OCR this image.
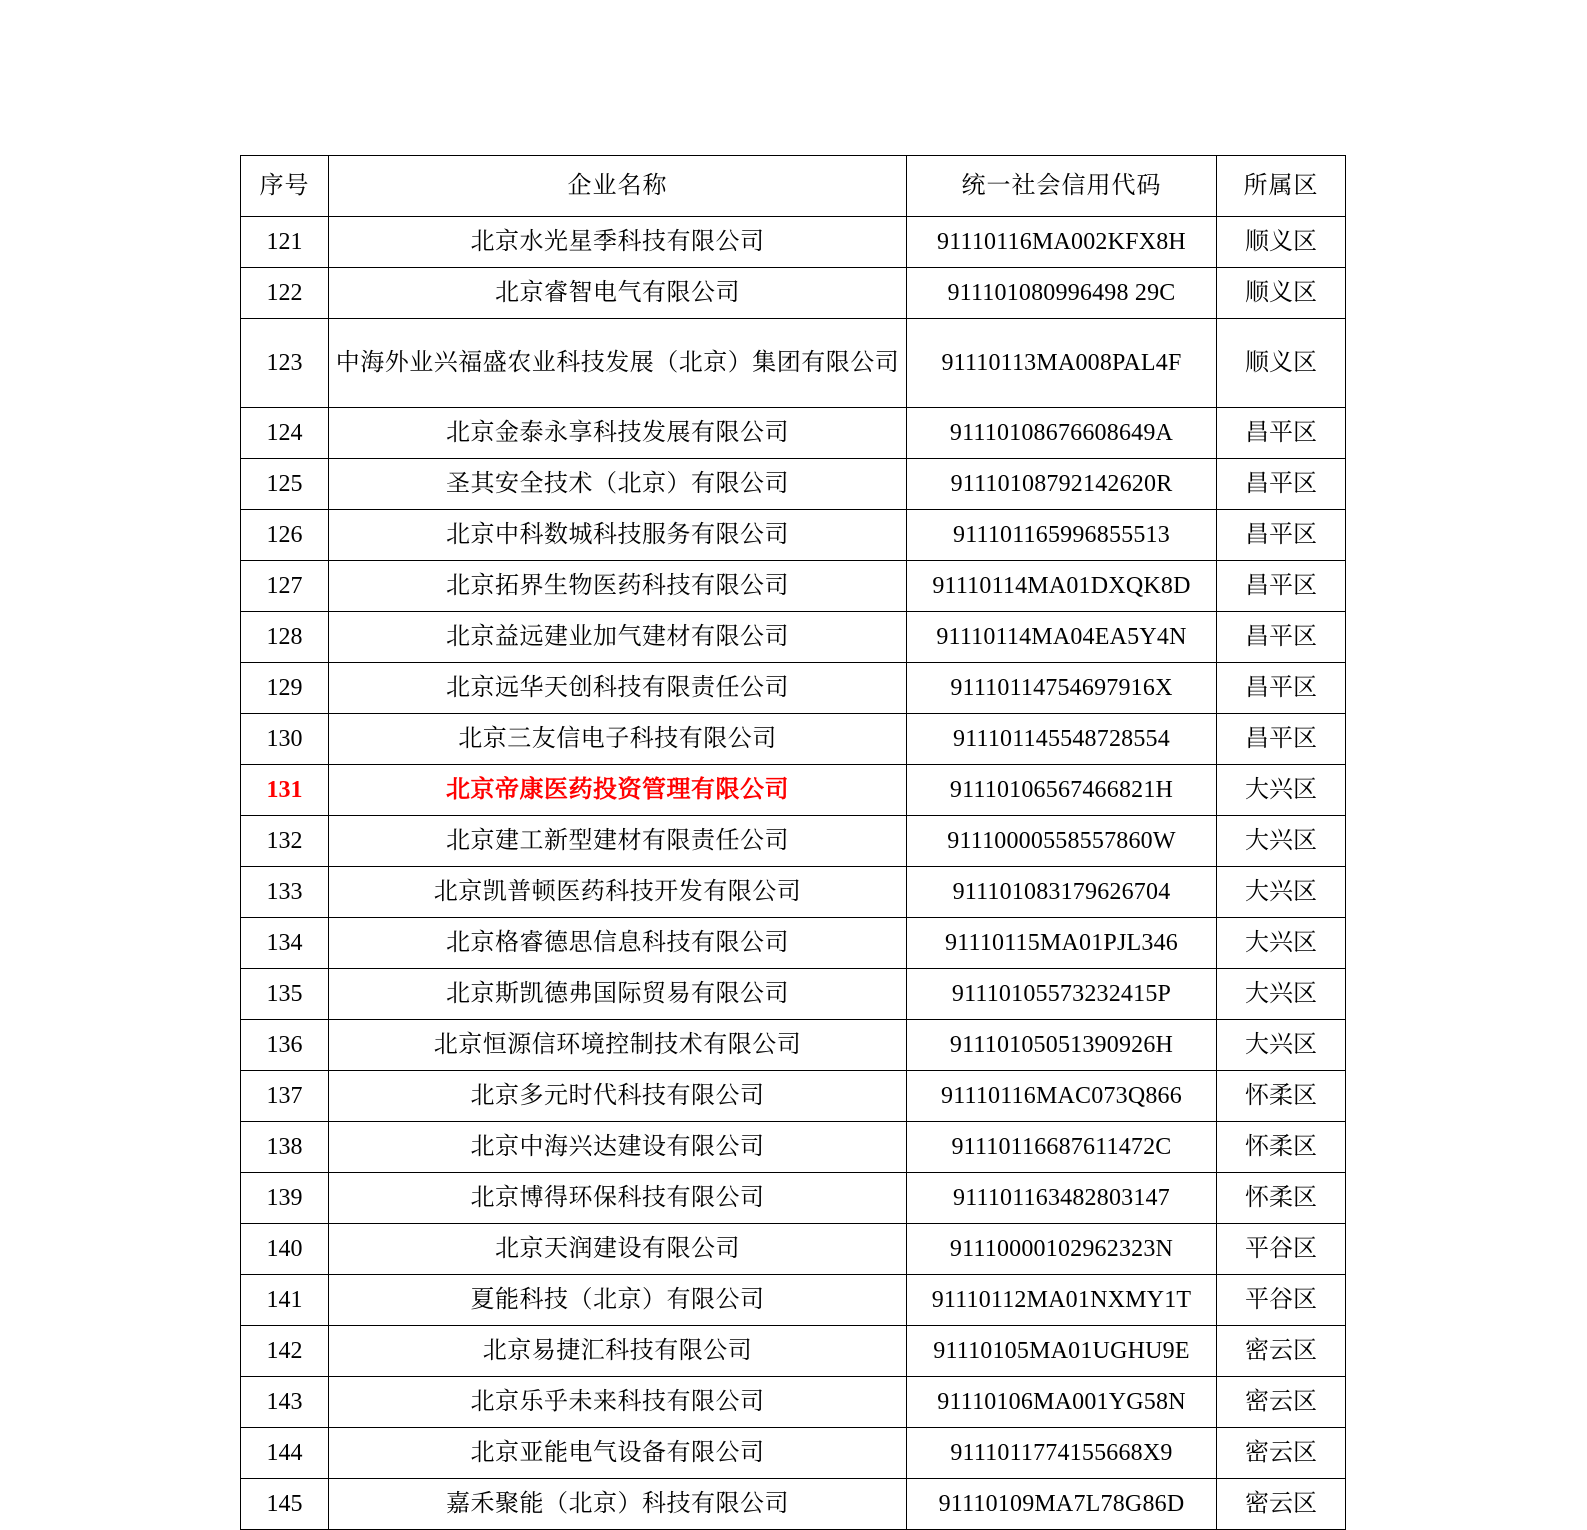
序号	企业名称	统一社会信用代码	所属区
121	北京水光星季科技有限公司	91110116MA002KFX8H	顺义区
122	北京睿智电气有限公司	911101080996498 29C	顺义区
123	中海外业兴福盛农业科技发展（北京）集团有限公司	91110113MA008PAL4F	顺义区
124	北京金泰永享科技发展有限公司	91110108676608649A	昌平区
125	圣其安全技术（北京）有限公司	91110108792142620R	昌平区
126	北京中科数城科技服务有限公司	911101165996855513	昌平区
127	北京拓界生物医药科技有限公司	91110114MA01DXQK8D	昌平区
128	北京益远建业加气建材有限公司	91110114MA04EA5Y4N	昌平区
129	北京远华天创科技有限责任公司	91110114754697916X	昌平区
130	北京三友信电子科技有限公司	911101145548728554	昌平区
131	北京帝康医药投资管理有限公司	91110106567466821H	大兴区
132	北京建工新型建材有限责任公司	91110000558557860W	大兴区
133	北京凯普顿医药科技开发有限公司	911101083179626704	大兴区
134	北京格睿德思信息科技有限公司	91110115MA01PJL346	大兴区
135	北京斯凯德弗国际贸易有限公司	91110105573232415P	大兴区
136	北京恒源信环境控制技术有限公司	91110105051390926H	大兴区
137	北京多元时代科技有限公司	91110116MAC073Q866	怀柔区
138	北京中海兴达建设有限公司	91110116687611472C	怀柔区
139	北京博得环保科技有限公司	911101163482803147	怀柔区
140	北京天润建设有限公司	91110000102962323N	平谷区
141	夏能科技（北京）有限公司	91110112MA01NXMY1T	平谷区
142	北京易捷汇科技有限公司	91110105MA01UGHU9E	密云区
143	北京乐乎未来科技有限公司	91110106MA001YG58N	密云区
144	北京亚能电气设备有限公司	9111011774155668X9	密云区
145	嘉禾聚能（北京）科技有限公司	91110109MA7L78G86D	密云区
